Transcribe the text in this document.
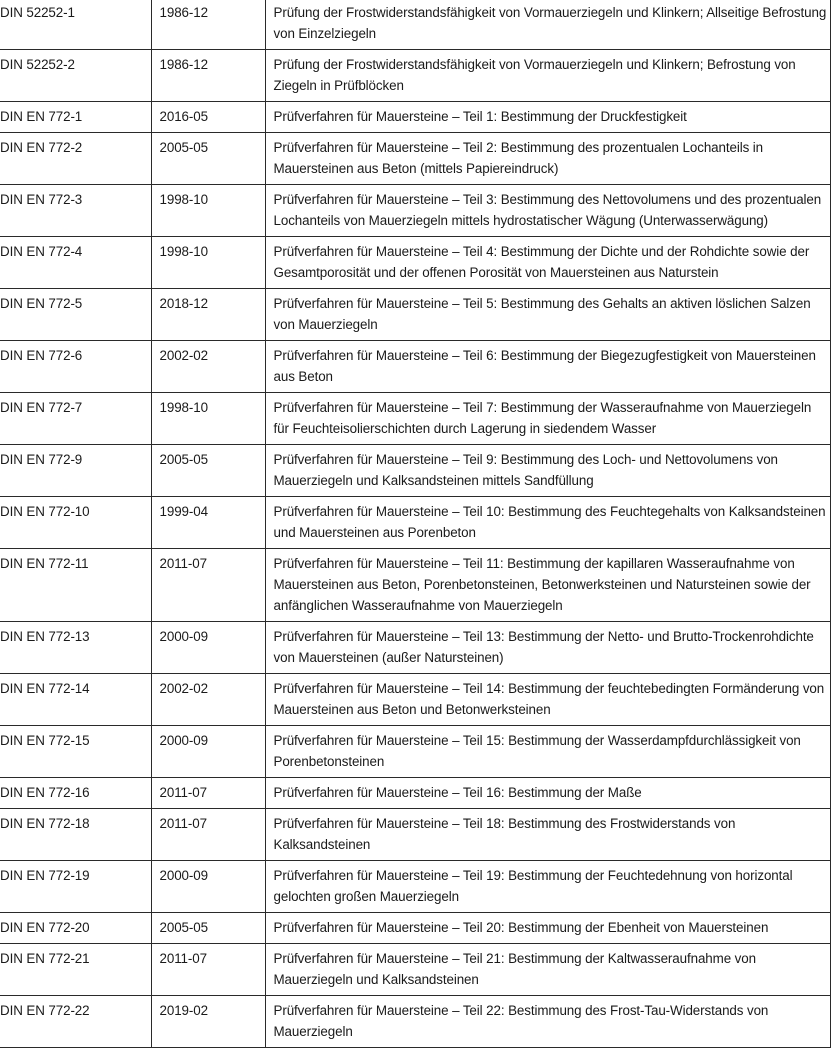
DIN 52252-1	1986-12	Prüfung der Frostwiderstandsfähigkeit von Vormauerziegeln und Klinkern; Allseitige Befrostung von Einzelziegeln
DIN 52252-2	1986-12	Prüfung der Frostwiderstandsfähigkeit von Vormauerziegeln und Klinkern; Befrostung von Ziegeln in Prüfblöcken
DIN EN 772-1	2016-05	Prüfverfahren für Mauersteine – Teil 1: Bestimmung der Druckfestigkeit
DIN EN 772-2	2005-05	Prüfverfahren für Mauersteine – Teil 2: Bestimmung des prozentualen Lochanteils in Mauersteinen aus Beton (mittels Papiereindruck)
DIN EN 772-3	1998-10	Prüfverfahren für Mauersteine – Teil 3: Bestimmung des Nettovolumens und des prozentualen Lochanteils von Mauerziegeln mittels hydrostatischer Wägung (Unterwasserwägung)
DIN EN 772-4	1998-10	Prüfverfahren für Mauersteine – Teil 4: Bestimmung der Dichte und der Rohdichte sowie der Gesamtporosität und der offenen Porosität von Mauersteinen aus Naturstein
DIN EN 772-5	2018-12	Prüfverfahren für Mauersteine – Teil 5: Bestimmung des Gehalts an aktiven löslichen Salzen von Mauerziegeln
DIN EN 772-6	2002-02	Prüfverfahren für Mauersteine – Teil 6: Bestimmung der Biegezugfestigkeit von Mauersteinen aus Beton
DIN EN 772-7	1998-10	Prüfverfahren für Mauersteine – Teil 7: Bestimmung der Wasseraufnahme von Mauerziegeln für Feuchteisolierschichten durch Lagerung in siedendem Wasser
DIN EN 772-9	2005-05	Prüfverfahren für Mauersteine – Teil 9: Bestimmung des Loch- und Nettovolumens von Mauerziegeln und Kalksandsteinen mittels Sandfüllung
DIN EN 772-10	1999-04	Prüfverfahren für Mauersteine – Teil 10: Bestimmung des Feuchtegehalts von Kalksandsteinen und Mauersteinen aus Porenbeton
DIN EN 772-11	2011-07	Prüfverfahren für Mauersteine – Teil 11: Bestimmung der kapillaren Wasseraufnahme von Mauersteinen aus Beton, Porenbetonsteinen, Betonwerksteinen und Natursteinen sowie der anfänglichen Wasseraufnahme von Mauerziegeln
DIN EN 772-13	2000-09	Prüfverfahren für Mauersteine – Teil 13: Bestimmung der Netto- und Brutto-Trockenrohdichte von Mauersteinen (außer Natursteinen)
DIN EN 772-14	2002-02	Prüfverfahren für Mauersteine – Teil 14: Bestimmung der feuchtebedingten Formänderung von Mauersteinen aus Beton und Betonwerksteinen
DIN EN 772-15	2000-09	Prüfverfahren für Mauersteine – Teil 15: Bestimmung der Wasserdampfdurchlässigkeit von Porenbetonsteinen
DIN EN 772-16	2011-07	Prüfverfahren für Mauersteine – Teil 16: Bestimmung der Maße
DIN EN 772-18	2011-07	Prüfverfahren für Mauersteine – Teil 18: Bestimmung des Frostwiderstands von Kalksandsteinen
DIN EN 772-19	2000-09	Prüfverfahren für Mauersteine – Teil 19: Bestimmung der Feuchtedehnung von horizontal gelochten großen Mauerziegeln
DIN EN 772-20	2005-05	Prüfverfahren für Mauersteine – Teil 20: Bestimmung der Ebenheit von Mauersteinen
DIN EN 772-21	2011-07	Prüfverfahren für Mauersteine – Teil 21: Bestimmung der Kaltwasseraufnahme von Mauerziegeln und Kalksandsteinen
DIN EN 772-22	2019-02	Prüfverfahren für Mauersteine – Teil 22: Bestimmung des Frost-Tau-Widerstands von Mauerziegeln
